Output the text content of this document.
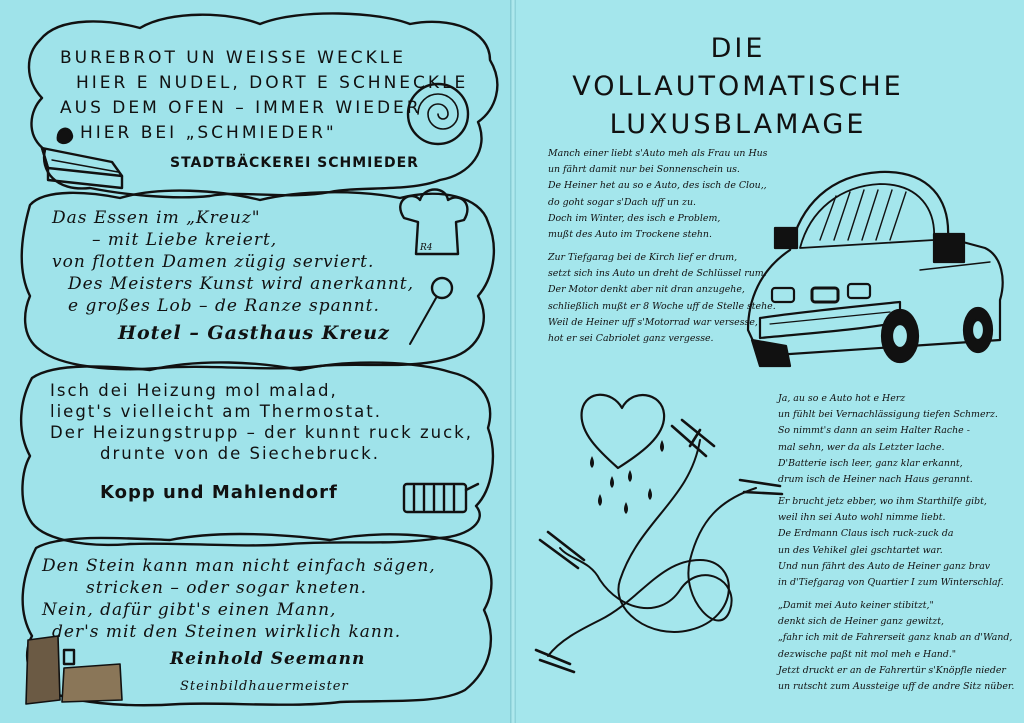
R4
BUREBROT UN WEISSE WECKLE
HIER E NUDEL, DORT E SCHNECKLE
AUS DEM OFEN – IMMER WIEDER
HIER BEI „SCHMIEDER"
STADTBÄCKEREI SCHMIEDER
Das Essen im „Kreuz"
– mit Liebe kreiert,
von flotten Damen zügig serviert.
Des Meisters Kunst wird anerkannt,
e großes Lob – de Ranze spannt.
Hotel – Gasthaus Kreuz
Isch dei Heizung mol malad,
liegt's vielleicht am Thermostat.
Der Heizungstrupp – der kunnt ruck zuck,
drunte von de Siechebruck.
Kopp und Mahlendorf
Den Stein kann man nicht einfach sägen,
stricken – oder sogar kneten.
Nein, dafür gibt's einen Mann,
der's mit den Steinen wirklich kann.
Reinhold Seemann
Steinbildhauermeister
DIE VOLLAUTOMATISCHE
LUXUSBLAMAGE
Manch einer liebt s'Auto meh als Frau un Hus
un fährt damit nur bei Sonnenschein us.
De Heiner het au so e Auto, des isch de Clou,,
do goht sogar s'Dach uff un zu.
Doch im Winter, des isch e Problem,
mußt des Auto im Trockene stehn.
Zur Tiefgarag bei de Kirch lief er drum,
setzt sich ins Auto un dreht de Schlüssel rum.
Der Motor denkt aber nit dran anzugehe,
schließlich mußt er 8 Woche uff de Stelle stehe.
Weil de Heiner uff s'Motorrad war versesse,
hot er sei Cabriolet ganz vergesse.
Ja, au so e Auto hot e Herz
un fühlt bei Vernachlässigung tiefen Schmerz.
So nimmt's dann an seim Halter Rache -
mal sehn, wer da als Letzter lache.
D'Batterie isch leer, ganz klar erkannt,
drum isch de Heiner nach Haus gerannt.
Er brucht jetz ebber, wo ihm Starthilfe gibt,
weil ihn sei Auto wohl nimme liebt.
De Erdmann Claus isch ruck-zuck da
un des Vehikel glei gschtartet war.
Und nun fährt des Auto de Heiner ganz brav
in d'Tiefgarag von Quartier I zum Winterschlaf.
„Damit mei Auto keiner stibitzt,"
denkt sich de Heiner ganz gewitzt,
„fahr ich mit de Fahrerseit ganz knab an d'Wand,
dezwische paßt nit mol meh e Hand."
Jetzt druckt er an de Fahrertür s'Knöpfle nieder
un rutscht zum Aussteige uff de andre Sitz nüber.
